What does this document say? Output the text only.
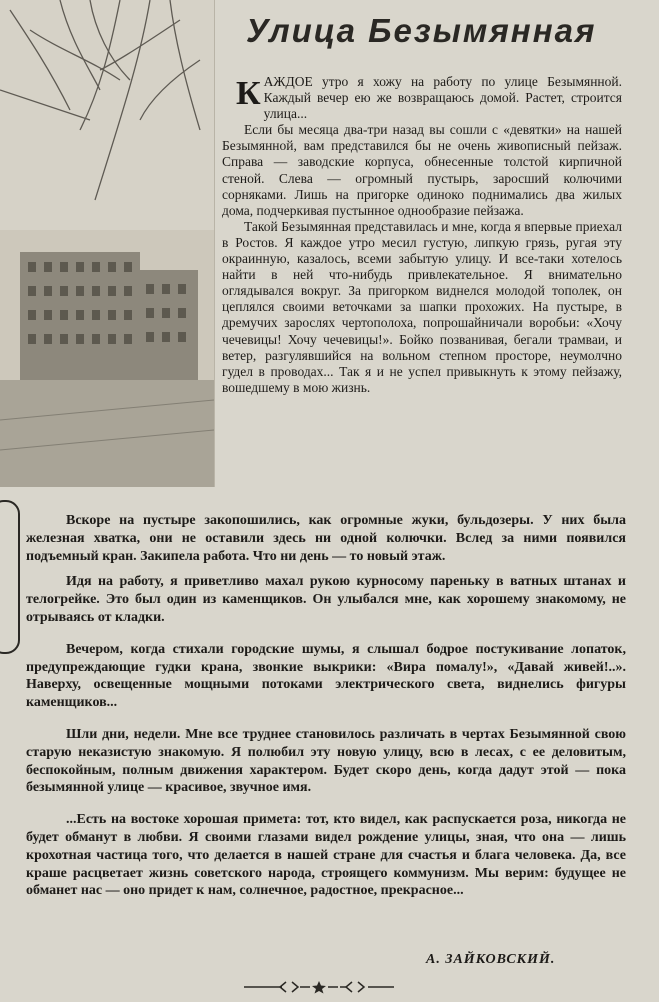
Улица Безымянная

КАЖДОЕ утро я хожу на работу по улице Безымянной. Каждый вечер ею же возвращаюсь домой. Растет, строится улица...

Если бы месяца два-три назад вы сошли с «девятки» на нашей Безымянной, вам представился бы не очень живописный пейзаж. Справа — заводские корпуса, обнесенные толстой кирпичной стеной. Слева — огромный пустырь, заросший колючими сорняками. Лишь на пригорке одиноко поднимались два жилых дома, подчеркивая пустынное однообразие пейзажа.

Такой Безымянная представилась и мне, когда я впервые приехал в Ростов. Я каждое утро месил густую, липкую грязь, ругая эту окраинную, казалось, всеми забытую улицу. И все-таки хотелось найти в ней что-нибудь привлекательное. Я внимательно оглядывался вокруг. За пригорком виднелся молодой тополек, он цеплялся своими веточками за шапки прохожих. На пустыре, в дремучих зарослях чертополоха, попрошайничали воробьи: «Хочу чечевицы! Хочу чечевицы!». Бойко позванивая, бегали трамваи, и ветер, разгулявшийся на вольном степном просторе, неумолчно гудел в проводах... Так я и не успел привыкнуть к этому пейзажу, вошедшему в мою жизнь.

Вскоре на пустыре закопошились, как огромные жуки, бульдозеры. У них была железная хватка, они не оставили здесь ни одной колючки. Вслед за ними появился подъемный кран. Закипела работа. Что ни день — то новый этаж.

Идя на работу, я приветливо махал рукою курносому пареньку в ватных штанах и телогрейке. Это был один из каменщиков. Он улыбался мне, как хорошему знакомому, не отрываясь от кладки.

Вечером, когда стихали городские шумы, я слышал бодрое постукивание лопаток, предупреждающие гудки крана, звонкие выкрики: «Вира помалу!», «Давай живей!..». Наверху, освещенные мощными потоками электрического света, виднелись фигуры каменщиков...

Шли дни, недели. Мне все труднее становилось различать в чертах Безымянной свою старую неказистую знакомую. Я полюбил эту новую улицу, всю в лесах, с ее деловитым, беспокойным, полным движения характером. Будет скоро день, когда дадут этой — пока безымянной улице — красивое, звучное имя.

...Есть на востоке хорошая примета: тот, кто видел, как распускается роза, никогда не будет обманут в любви. Я своими глазами видел рождение улицы, зная, что она — лишь крохотная частица того, что делается в нашей стране для счастья и блага человека. Да, все краше расцветает жизнь советского народа, строящего коммунизм. Мы верим: будущее не обманет нас — оно придет к нам, солнечное, радостное, прекрасное...

А. ЗАЙКОВСКИЙ.
